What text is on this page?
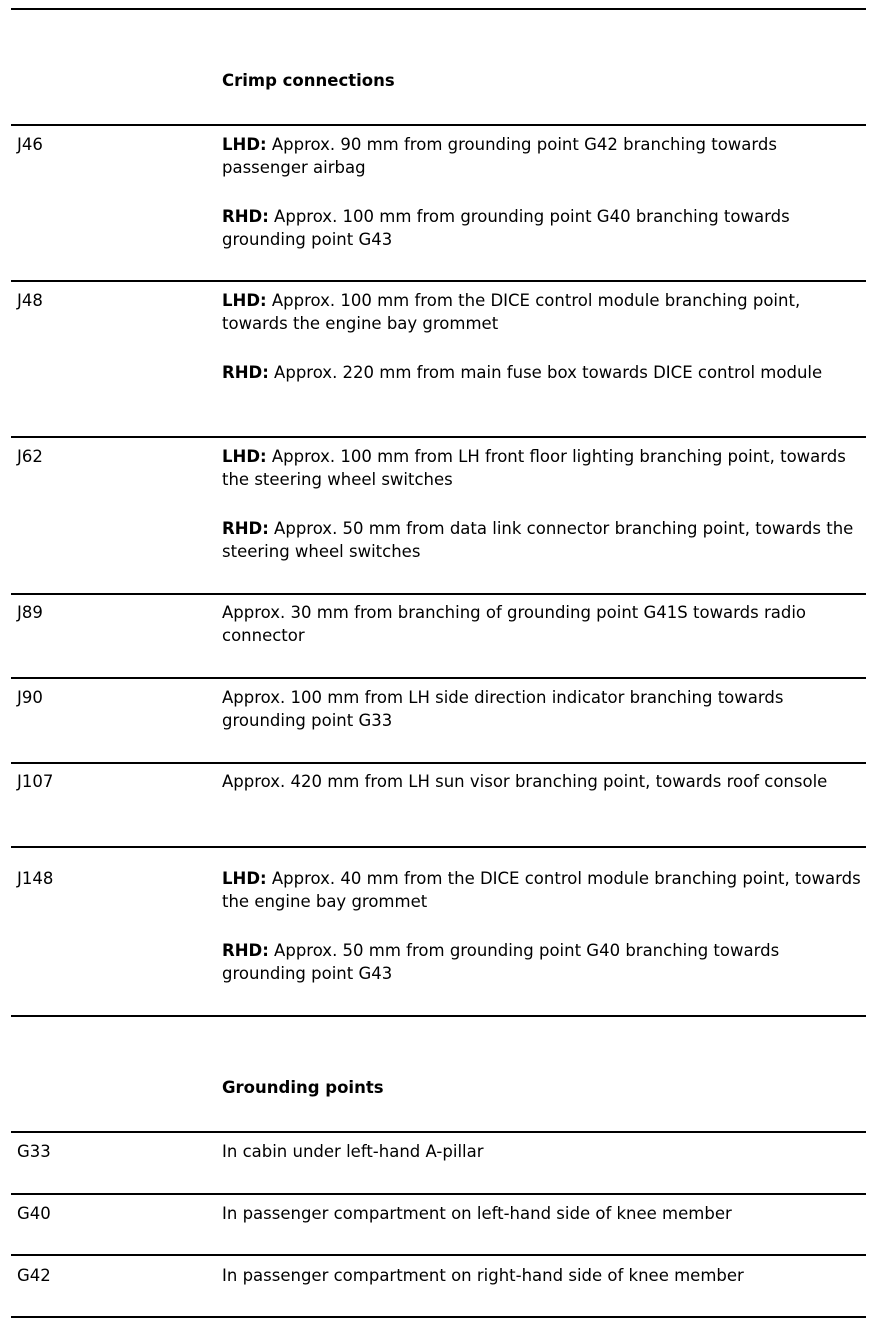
Crimp connections
Grounding points
J46	LHD: Approx. 90 mm from grounding point G42 branching towards passenger airbag

RHD: Approx. 100 mm from grounding point G40 branching towards grounding point G43

J48	LHD: Approx. 100 mm from the DICE control module branching point, towards the engine bay grommet

RHD: Approx. 220 mm from main fuse box towards DICE control module

J62	LHD: Approx. 100 mm from LH front floor lighting branching point, towards the steering wheel switches

RHD: Approx. 50 mm from data link connector branching point, towards the steering wheel switches

J89	Approx. 30 mm from branching of grounding point G41S towards radio connector

J90	Approx. 100 mm from LH side direction indicator branching towards grounding point G33

J107	Approx. 420 mm from LH sun visor branching point, towards roof console

J148	LHD: Approx. 40 mm from the DICE control module branching point, towards the engine bay grommet

RHD: Approx. 50 mm from grounding point G40 branching towards grounding point G43

G33	In cabin under left-hand A-pillar

G40	In passenger compartment on left-hand side of knee member

G42	In passenger compartment on right-hand side of knee member
